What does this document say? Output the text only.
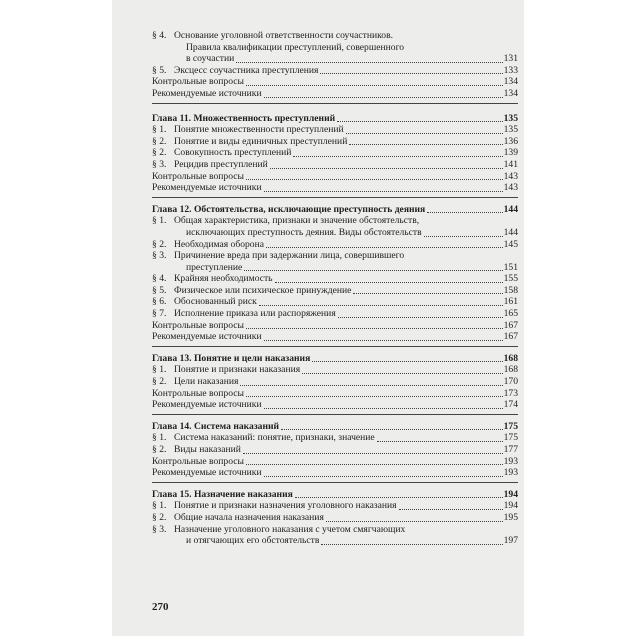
§ 4. Основание уголовной ответственности соучастников.
Правила квалификации преступлений, совершенного
в соучастии	131
§ 5. Эксцесс соучастника преступления	133
Контрольные вопросы	134
Рекомендуемые источники	134
Глава 11. Множественность преступлений	135
§ 1. Понятие множественности преступлений	135
§ 2. Понятие и виды единичных преступлений	136
§ 2. Совокупность преступлений	139
§ 3. Рецидив преступлений	141
Контрольные вопросы	143
Рекомендуемые источники	143
Глава 12. Обстоятельства, исключающие преступность деяния	144
§ 1. Общая характеристика, признаки и значение обстоятельств,
исключающих преступность деяния. Виды обстоятельств	144
§ 2. Необходимая оборона	145
§ 3. Причинение вреда при задержании лица, совершившего
преступление	151
§ 4. Крайняя необходимость	155
§ 5. Физическое или психическое принуждение	158
§ 6. Обоснованный риск	161
§ 7. Исполнение приказа или распоряжения	165
Контрольные вопросы	167
Рекомендуемые источники	167
Глава 13. Понятие и цели наказания	168
§ 1. Понятие и признаки наказания	168
§ 2. Цели наказания	170
Контрольные вопросы	173
Рекомендуемые источники	174
Глава 14. Система наказаний	175
§ 1. Система наказаний: понятие, признаки, значение	175
§ 2. Виды наказаний	177
Контрольные вопросы	193
Рекомендуемые источники	193
Глава 15. Назначение наказания	194
§ 1. Понятие и признаки назначения уголовного наказания	194
§ 2. Общие начала назначения наказания	195
§ 3. Назначение уголовного наказания с учетом смягчающих
и отягчающих его обстоятельств	197
270
